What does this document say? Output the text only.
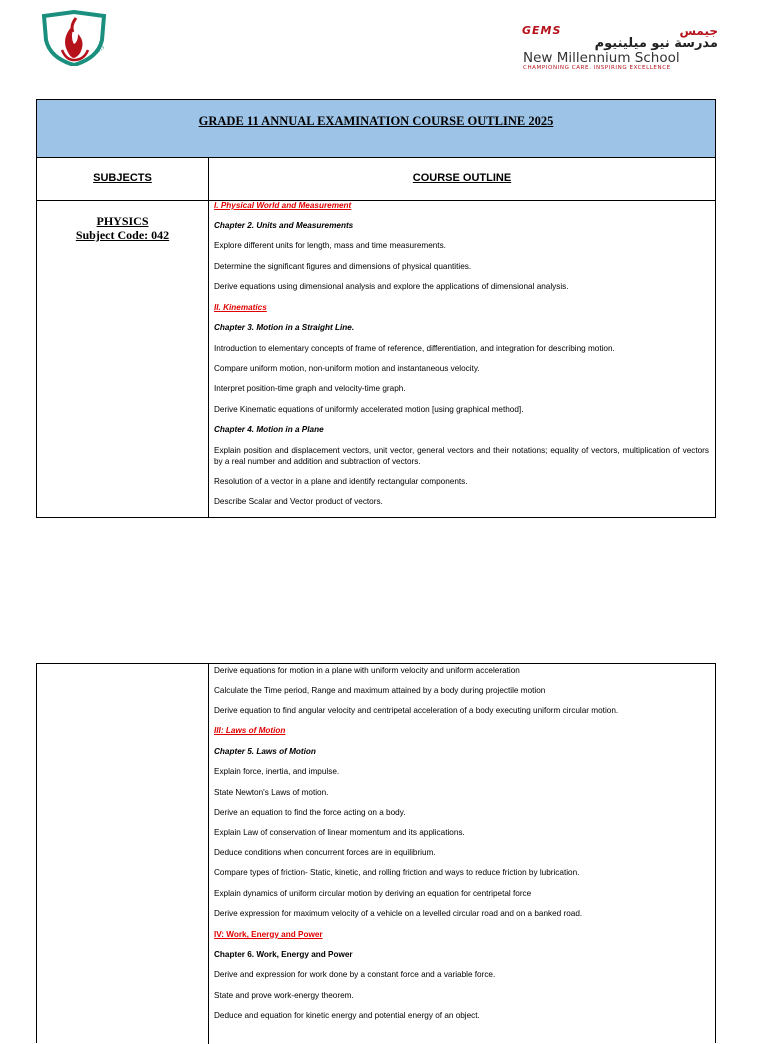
Est. 2013
GEMS	جيمس
مدرسة نيو ميلينيوم
New Millennium School
CHAMPIONING CARE. INSPIRING EXCELLENCE
GRADE 11 ANNUAL EXAMINATION COURSE OUTLINE 2025
SUBJECTS	COURSE OUTLINE
PHYSICS
Subject Code: 042
I. Physical World and Measurement
Chapter 2. Units and Measurements
Explore different units for length, mass and time measurements.
Determine the significant figures and dimensions of physical quantities.
Derive equations using dimensional analysis and explore the applications of dimensional analysis.
II. Kinematics
Chapter 3. Motion in a Straight Line.
Introduction to elementary concepts of frame of reference, differentiation, and integration for describing motion.
Compare uniform motion, non-uniform motion and instantaneous velocity.
Interpret position-time graph and velocity-time graph.
Derive Kinematic equations of uniformly accelerated motion [using graphical method].
Chapter 4. Motion in a Plane
Explain position and displacement vectors, unit vector, general vectors and their notations; equality of vectors, multiplication of vectors by a real number and addition and subtraction of vectors.
Resolution of a vector in a plane and identify rectangular components.
Describe Scalar and Vector product of vectors.
Derive equations for motion in a plane with uniform velocity and uniform acceleration
Calculate the Time period, Range and maximum attained by a body during projectile motion
Derive equation to find angular velocity and centripetal acceleration of a body executing uniform circular motion.
III: Laws of Motion
Chapter 5. Laws of Motion
Explain force, inertia, and impulse.
State Newton's Laws of motion.
Derive an equation to find the force acting on a body.
Explain Law of conservation of linear momentum and its applications.
Deduce conditions when concurrent forces are in equilibrium.
Compare types of friction- Static, kinetic, and rolling friction and ways to reduce friction by lubrication.
Explain dynamics of uniform circular motion by deriving an equation for centripetal force
Derive expression for maximum velocity of a vehicle on a levelled circular road and on a banked road.
IV: Work, Energy and Power
Chapter 6. Work, Energy and Power
Derive and expression for work done by a constant force and a variable force.
State and prove work-energy theorem.
Deduce and equation for kinetic energy and potential energy of an object.
